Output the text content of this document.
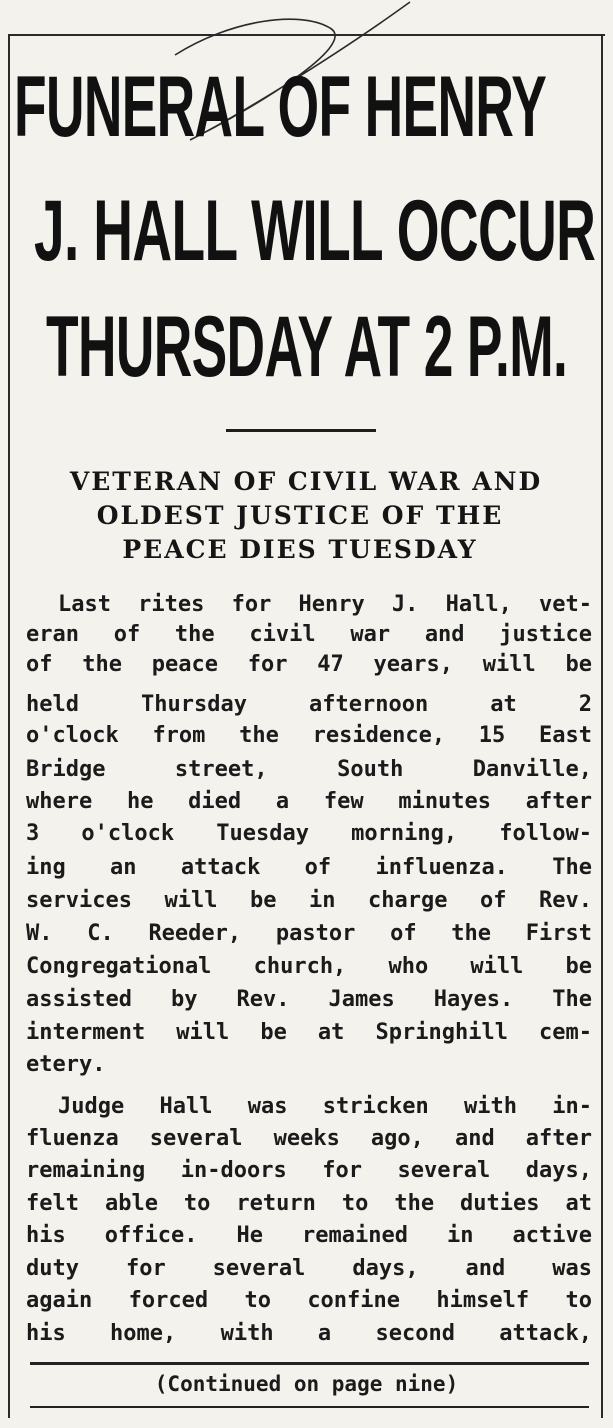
FUNERAL OF HENRY
J. HALL WILL OCCUR
THURSDAY AT 2 P.M.
VETERAN OF CIVIL WAR AND
OLDEST JUSTICE OF THE
PEACE DIES TUESDAY
Last rites for Henry J. Hall, vet-
eran of the civil war and justice
of the peace for 47 years, will be
held Thursday afternoon at 2
o'clock from the residence, 15 East
Bridge street, South Danville,
where he died a few minutes after
3 o'clock Tuesday morning, follow-
ing an attack of influenza. The
services will be in charge of Rev.
W. C. Reeder, pastor of the First
Congregational church, who will be
assisted by Rev. James Hayes. The
interment will be at Springhill cem-
etery.
Judge Hall was stricken with in-
fluenza several weeks ago, and after
remaining in-doors for several days,
felt able to return to the duties at
his office. He remained in active
duty for several days, and was
again forced to confine himself to
his home, with a second attack,
(Continued on page nine)
